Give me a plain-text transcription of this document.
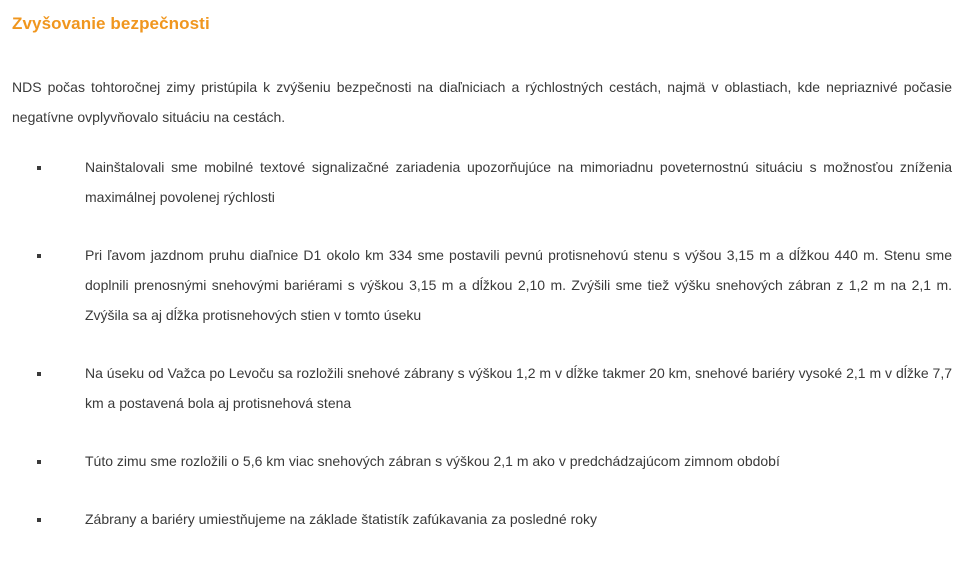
Zvyšovanie bezpečnosti

NDS počas tohtoročnej zimy pristúpila k zvýšeniu bezpečnosti na diaľniciach a rýchlostných cestách, najmä v oblastiach, kde nepriaznivé počasie negatívne ovplyvňovalo situáciu na cestách.

Nainštalovali sme mobilné textové signalizačné zariadenia upozorňujúce na mimoriadnu poveternostnú situáciu s možnosťou zníženia maximálnej povolenej rýchlosti
Pri ľavom jazdnom pruhu diaľnice D1 okolo km 334 sme postavili pevnú protisnehovú stenu s výšou 3,15 m a dĺžkou 440 m. Stenu sme doplnili prenosnými snehovými bariérami s výškou 3,15 m a dĺžkou 2,10 m. Zvýšili sme tiež výšku snehových zábran z 1,2 m na 2,1 m. Zvýšila sa aj dĺžka protisnehových stien v tomto úseku
Na úseku od Važca po Levoču sa rozložili snehové zábrany s výškou 1,2 m v dĺžke takmer 20 km, snehové bariéry vysoké 2,1 m v dĺžke 7,7 km a postavená bola aj protisnehová stena
Túto zimu sme rozložili o 5,6 km viac snehových zábran s výškou 2,1 m ako v predchádzajúcom zimnom období
Zábrany a bariéry umiestňujeme na základe štatistík zafúkavania za posledné roky
